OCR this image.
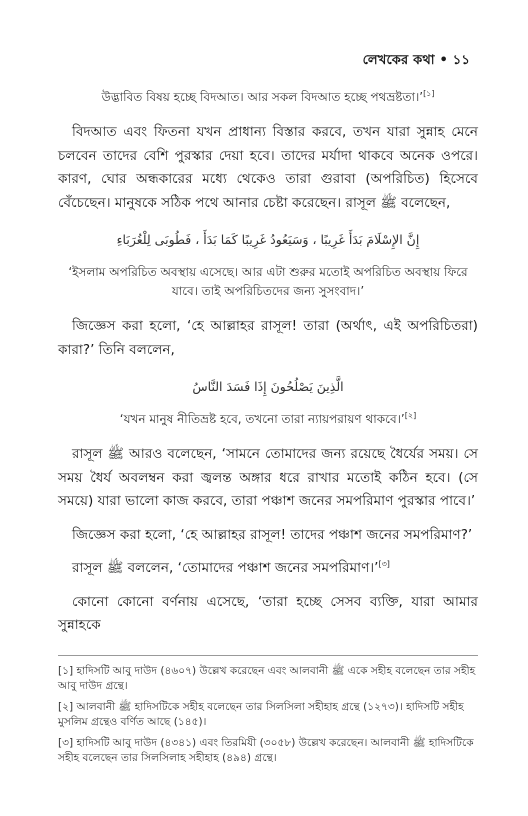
লেখকের কথা • ১১

উদ্ভাবিত বিষয় হচ্ছে বিদআত। আর সকল বিদআত হচ্ছে পথভ্রষ্টতা।’[১]

বিদআত এবং ফিতনা যখন প্রাধান্য বিস্তার করবে, তখন যারা সুন্নাহ মেনে চলবেন তাদের বেশি পুরস্কার দেয়া হবে। তাদের মর্যাদা থাকবে অনেক ওপরে। কারণ, ঘোর অন্ধকারের মধ্যে থেকেও তারা গুরাবা (অপরিচিত) হিসেবে বেঁচেছেন। মানুষকে সঠিক পথে আনার চেষ্টা করেছেন। রাসূল ﷺ বলেছেন,

إِنَّ الإِسْلَامَ بَدَأَ غَرِيبًا ، وَسَيَعُودُ غَرِيبًا كَمَا بَدَأَ ، فَطُوبَى لِلْغُرَبَاءِ

‘ইসলাম অপরিচিত অবস্থায় এসেছে। আর এটা শুরুর মতোই অপরিচিত অবস্থায় ফিরে যাবে। তাই অপরিচিতদের জন্য সুসংবাদ।’

জিজ্ঞেস করা হলো, ‘হে আল্লাহর রাসূল! তারা (অর্থাৎ, এই অপরিচিতরা) কারা?’ তিনি বললেন,

الَّذِينَ يَصْلُحُونَ إِذَا فَسَدَ النَّاسُ

‘যখন মানুষ নীতিভ্রষ্ট হবে, তখনো তারা ন্যায়পরায়ণ থাকবে।’[২]

রাসূল ﷺ আরও বলেছেন, ‘সামনে তোমাদের জন্য রয়েছে ধৈর্যের সময়। সে সময় ধৈর্য অবলম্বন করা জ্বলন্ত অঙ্গার ধরে রাখার মতোই কঠিন হবে। (সে সময়ে) যারা ভালো কাজ করবে, তারা পঞ্চাশ জনের সমপরিমাণ পুরস্কার পাবে।’

জিজ্ঞেস করা হলো, ‘হে আল্লাহর রাসূল! তাদের পঞ্চাশ জনের সমপরিমাণ?’

রাসূল ﷺ বললেন, ‘তোমাদের পঞ্চাশ জনের সমপরিমাণ।’[৩]

কোনো কোনো বর্ণনায় এসেছে, ‘তারা হচ্ছে সেসব ব্যক্তি, যারা আমার সুন্নাহকে

[১] হাদিসটি আবু দাউদ (৪৬০৭) উল্লেখ করেছেন এবং আলবানী ﷺ একে সহীহ বলেছেন তার সহীহ আবু দাউদ গ্রন্থে।

[২] আলবানী ﷺ হাদিসটিকে সহীহ বলেছেন তার সিলসিলা সহীহাহ গ্রন্থে (১২৭৩)। হাদিসটি সহীহ মুসলিম গ্রন্থেও বর্ণিত আছে (১৪৫)।

[৩] হাদিসটি আবু দাউদ (৪৩৪১) এবং তিরমিযী (৩০৫৮) উল্লেখ করেছেন। আলবানী ﷺ হাদিসটিকে সহীহ বলেছেন তার সিলসিলাহ সহীহাহ (৪৯৪) গ্রন্থে।
